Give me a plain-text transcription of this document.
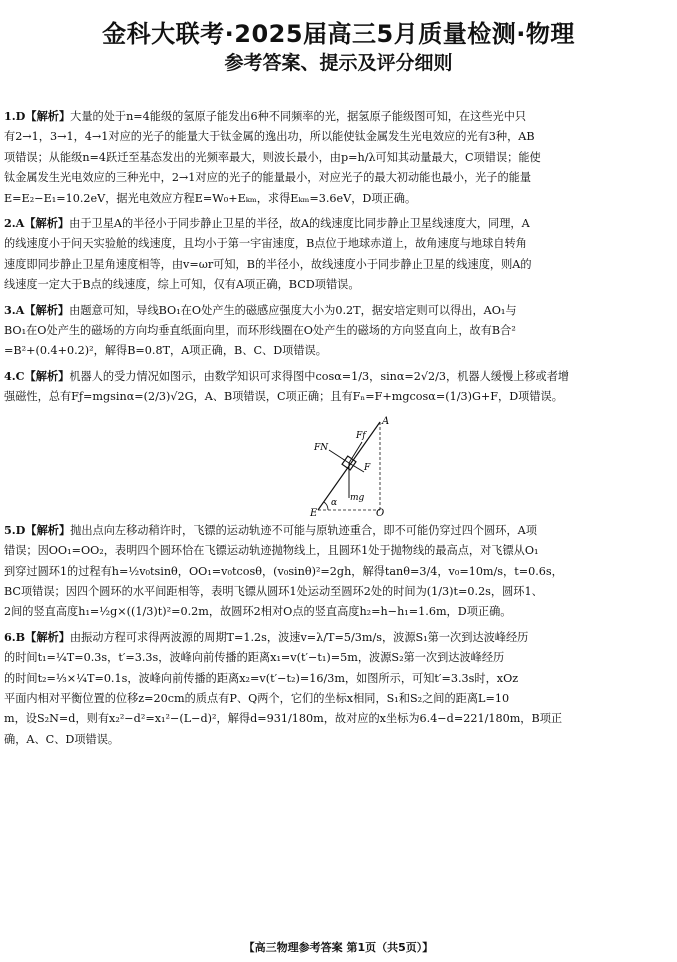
金科大联考·2025届高三5月质量检测·物理
参考答案、提示及评分细则
1.D【解析】大量的处于n=4能级的氢原子能发出6种不同频率的光，据氢原子能级图可知，在这些光中只
有2→1，3→1，4→1对应的光子的能量大于钛金属的逸出功，所以能使钛金属发生光电效应的光有3种，AB
项错误；从能级n=4跃迁至基态发出的光频率最大，则波长最小，由p=h/λ可知其动量最大，C项错误；能使
钛金属发生光电效应的三种光中，2→1对应的光子的能量最小，对应光子的最大初动能也最小，光子的能量
E=E₂−E₁=10.2eV，据光电效应方程E=W₀+Eₖₘ，求得Eₖₘ=3.6eV，D项正确。
2.A【解析】由于卫星A的半径小于同步静止卫星的半径，故A的线速度比同步静止卫星线速度大，同理，A
的线速度小于问天实验舱的线速度，且均小于第一宇宙速度，B点位于地球赤道上，故角速度与地球自转角
速度即同步静止卫星角速度相等，由v=ωr可知，B的半径小，故线速度小于同步静止卫星的线速度，则A的
线速度一定大于B点的线速度，综上可知，仅有A项正确，BCD项错误。
3.A【解析】由题意可知，导线BO₁在O处产生的磁感应强度大小为0.2T，据安培定则可以得出，AO₁与
BO₁在O处产生的磁场的方向均垂直纸面向里，而环形线圈在O处产生的磁场的方向竖直向上，故有B合²
=B²+(0.4+0.2)²，解得B=0.8T，A项正确，B、C、D项错误。
4.C【解析】机器人的受力情况如图示，由数学知识可求得图中cosα=1/3，sinα=2√2/3，机器人缓慢上移或者增
强磁性，总有Fƒ=mgsinα=(2/3)√2G，A、B项错误，C项正确；且有Fₙ=F+mgcosα=(1/3)G+F，D项错误。
A
E	O
Ff
FN
F
α mg
5.D【解析】抛出点向左移动稍许时，飞镖的运动轨迹不可能与原轨迹重合，即不可能仍穿过四个圆环，A项
错误；因OO₁=OO₂，表明四个圆环恰在飞镖运动轨迹抛物线上，且圆环1处于抛物线的最高点，对飞镖从O₁
到穿过圆环1的过程有h=½v₀tsinθ，OO₁=v₀tcosθ，(v₀sinθ)²=2gh，解得tanθ=3/4，v₀=10m/s，t=0.6s，
BC项错误；因四个圆环的水平间距相等，表明飞镖从圆环1处运动至圆环2处的时间为(1/3)t=0.2s，圆环1、
2间的竖直高度h₁=½g×((1/3)t)²=0.2m，故圆环2相对O点的竖直高度h₂=h−h₁=1.6m，D项正确。
6.B【解析】由振动方程可求得两波源的周期T=1.2s，波速v=λ/T=5/3m/s，波源S₁第一次到达波峰经历
的时间t₁=¼T=0.3s，t′=3.3s，波峰向前传播的距离x₁=v(t′−t₁)=5m，波源S₂第一次到达波峰经历
的时间t₂=⅓×¼T=0.1s，波峰向前传播的距离x₂=v(t′−t₂)=16/3m，如图所示，可知t′=3.3s时，xOz
平面内相对平衡位置的位移z=20cm的质点有P、Q两个，它们的坐标x相同，S₁和S₂之间的距离L=10
m，设S₂N=d，则有x₂²−d²=x₁²−(L−d)²，解得d=931/180m，故对应的x坐标为6.4−d=221/180m，B项正
确，A、C、D项错误。
【高三物理参考答案 第1页（共5页）】
